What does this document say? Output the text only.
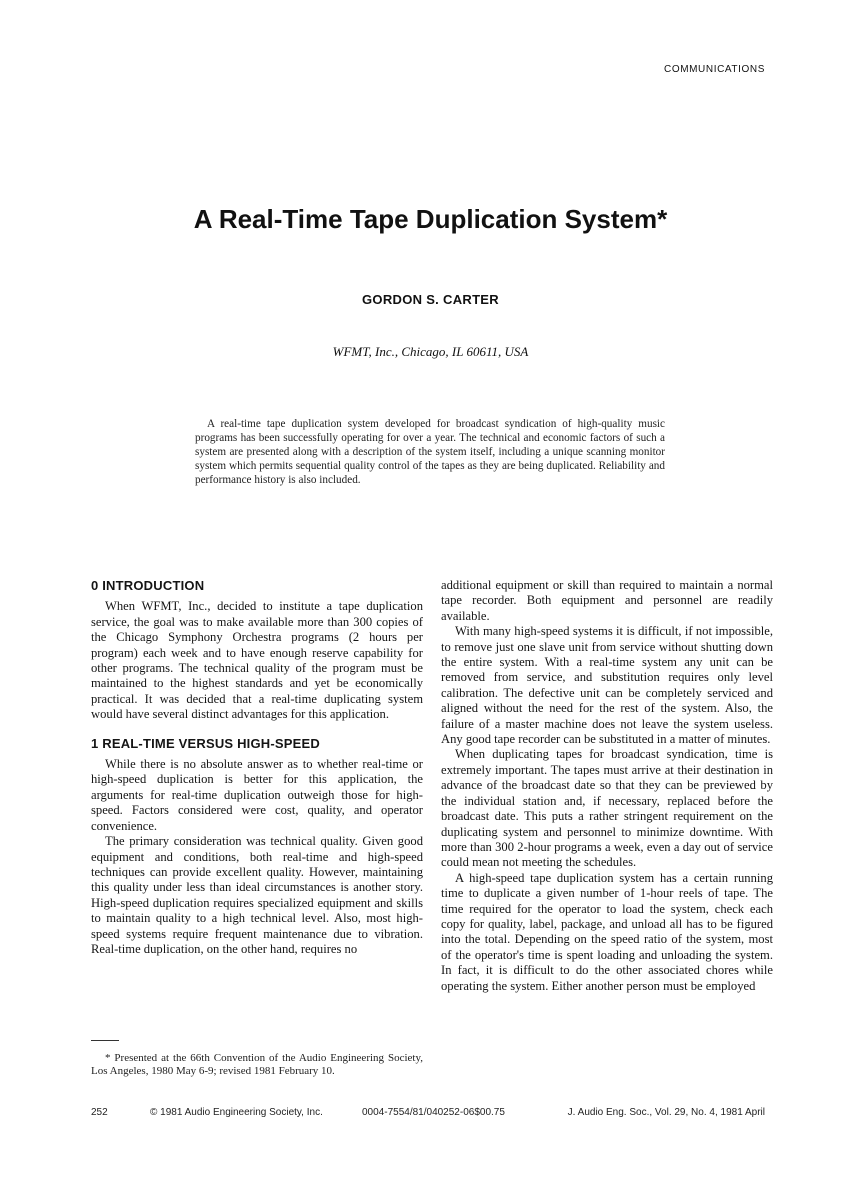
COMMUNICATIONS
A Real-Time Tape Duplication System*
GORDON S. CARTER
WFMT, Inc., Chicago, IL 60611, USA
A real-time tape duplication system developed for broadcast syndication of high-quality music programs has been successfully operating for over a year. The technical and economic factors of such a system are presented along with a description of the system itself, including a unique scanning monitor system which permits sequential quality control of the tapes as they are being duplicated. Reliability and performance history is also included.
0 INTRODUCTION

When WFMT, Inc., decided to institute a tape duplication service, the goal was to make available more than 300 copies of the Chicago Symphony Orchestra programs (2 hours per program) each week and to have enough reserve capability for other programs. The technical quality of the program must be maintained to the highest standards and yet be economically practical. It was decided that a real-time duplicating system would have several distinct advantages for this application.

1 REAL-TIME VERSUS HIGH-SPEED

While there is no absolute answer as to whether real-time or high-speed duplication is better for this application, the arguments for real-time duplication outweigh those for high-speed. Factors considered were cost, quality, and operator convenience.

The primary consideration was technical quality. Given good equipment and conditions, both real-time and high-speed techniques can provide excellent quality. However, maintaining this quality under less than ideal circumstances is another story. High-speed duplication requires specialized equipment and skills to maintain quality to a high technical level. Also, most high-speed systems require frequent maintenance due to vibration. Real-time duplication, on the other hand, requires no

additional equipment or skill than required to maintain a normal tape recorder. Both equipment and personnel are readily available.

With many high-speed systems it is difficult, if not impossible, to remove just one slave unit from service without shutting down the entire system. With a real-time system any unit can be removed from service, and substitution requires only level calibration. The defective unit can be completely serviced and aligned without the need for the rest of the system. Also, the failure of a master machine does not leave the system useless. Any good tape recorder can be substituted in a matter of minutes.

When duplicating tapes for broadcast syndication, time is extremely important. The tapes must arrive at their destination in advance of the broadcast date so that they can be previewed by the individual station and, if necessary, replaced before the broadcast date. This puts a rather stringent requirement on the duplicating system and personnel to minimize downtime. With more than 300 2-hour programs a week, even a day out of service could mean not meeting the schedules.

A high-speed tape duplication system has a certain running time to duplicate a given number of 1-hour reels of tape. The time required for the operator to load the system, check each copy for quality, label, package, and unload all has to be figured into the total. Depending on the speed ratio of the system, most of the operator's time is spent loading and unloading the system. In fact, it is difficult to do the other associated chores while operating the system. Either another person must be employed

* Presented at the 66th Convention of the Audio Engineering Society, Los Angeles, 1980 May 6-9; revised 1981 February 10.
252	© 1981 Audio Engineering Society, Inc.	0004-7554/81/040252-06$00.75	J. Audio Eng. Soc., Vol. 29, No. 4, 1981 April
